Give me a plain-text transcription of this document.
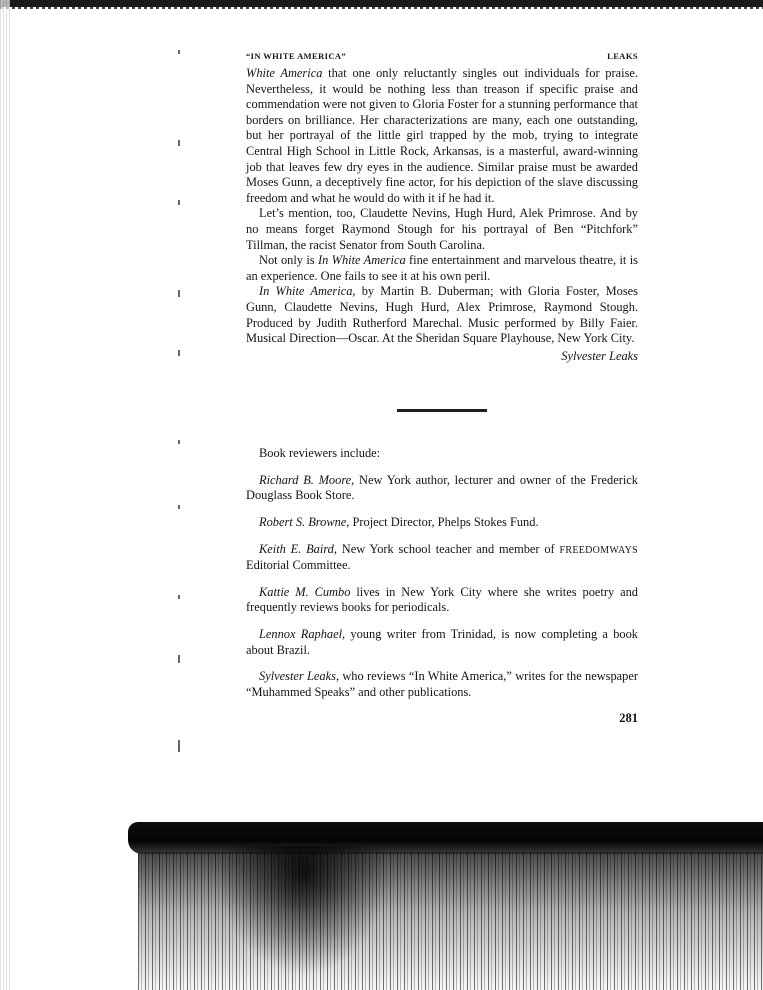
“IN WHITE AMERICA”	LEAKS

White America that one only reluctantly singles out individuals for praise. Nevertheless, it would be nothing less than treason if specific praise and commendation were not given to Gloria Foster for a stunning performance that borders on brilliance. Her characterizations are many, each one outstanding, but her portrayal of the little girl trapped by the mob, trying to integrate Central High School in Little Rock, Arkansas, is a masterful, award-winning job that leaves few dry eyes in the audience. Similar praise must be awarded Moses Gunn, a deceptively fine actor, for his depiction of the slave discussing freedom and what he would do with it if he had it.

Let’s mention, too, Claudette Nevins, Hugh Hurd, Alek Primrose. And by no means forget Raymond Stough for his portrayal of Ben “Pitchfork” Tillman, the racist Senator from South Carolina.

Not only is In White America fine entertainment and marvelous theatre, it is an experience. One fails to see it at his own peril.

In White America, by Martin B. Duberman; with Gloria Foster, Moses Gunn, Claudette Nevins, Hugh Hurd, Alex Primrose, Raymond Stough. Produced by Judith Rutherford Marechal. Music performed by Billy Faier. Musical Direction—Oscar. At the Sheridan Square Playhouse, New York City.

Sylvester Leaks

Book reviewers include:

Richard B. Moore, New York author, lecturer and owner of the Frederick Douglass Book Store.

Robert S. Browne, Project Director, Phelps Stokes Fund.

Keith E. Baird, New York school teacher and member of FREEDOMWAYS Editorial Committee.

Kattie M. Cumbo lives in New York City where she writes poetry and frequently reviews books for periodicals.

Lennox Raphael, young writer from Trinidad, is now completing a book about Brazil.

Sylvester Leaks, who reviews “In White America,” writes for the newspaper “Muhammed Speaks” and other publications.

281
